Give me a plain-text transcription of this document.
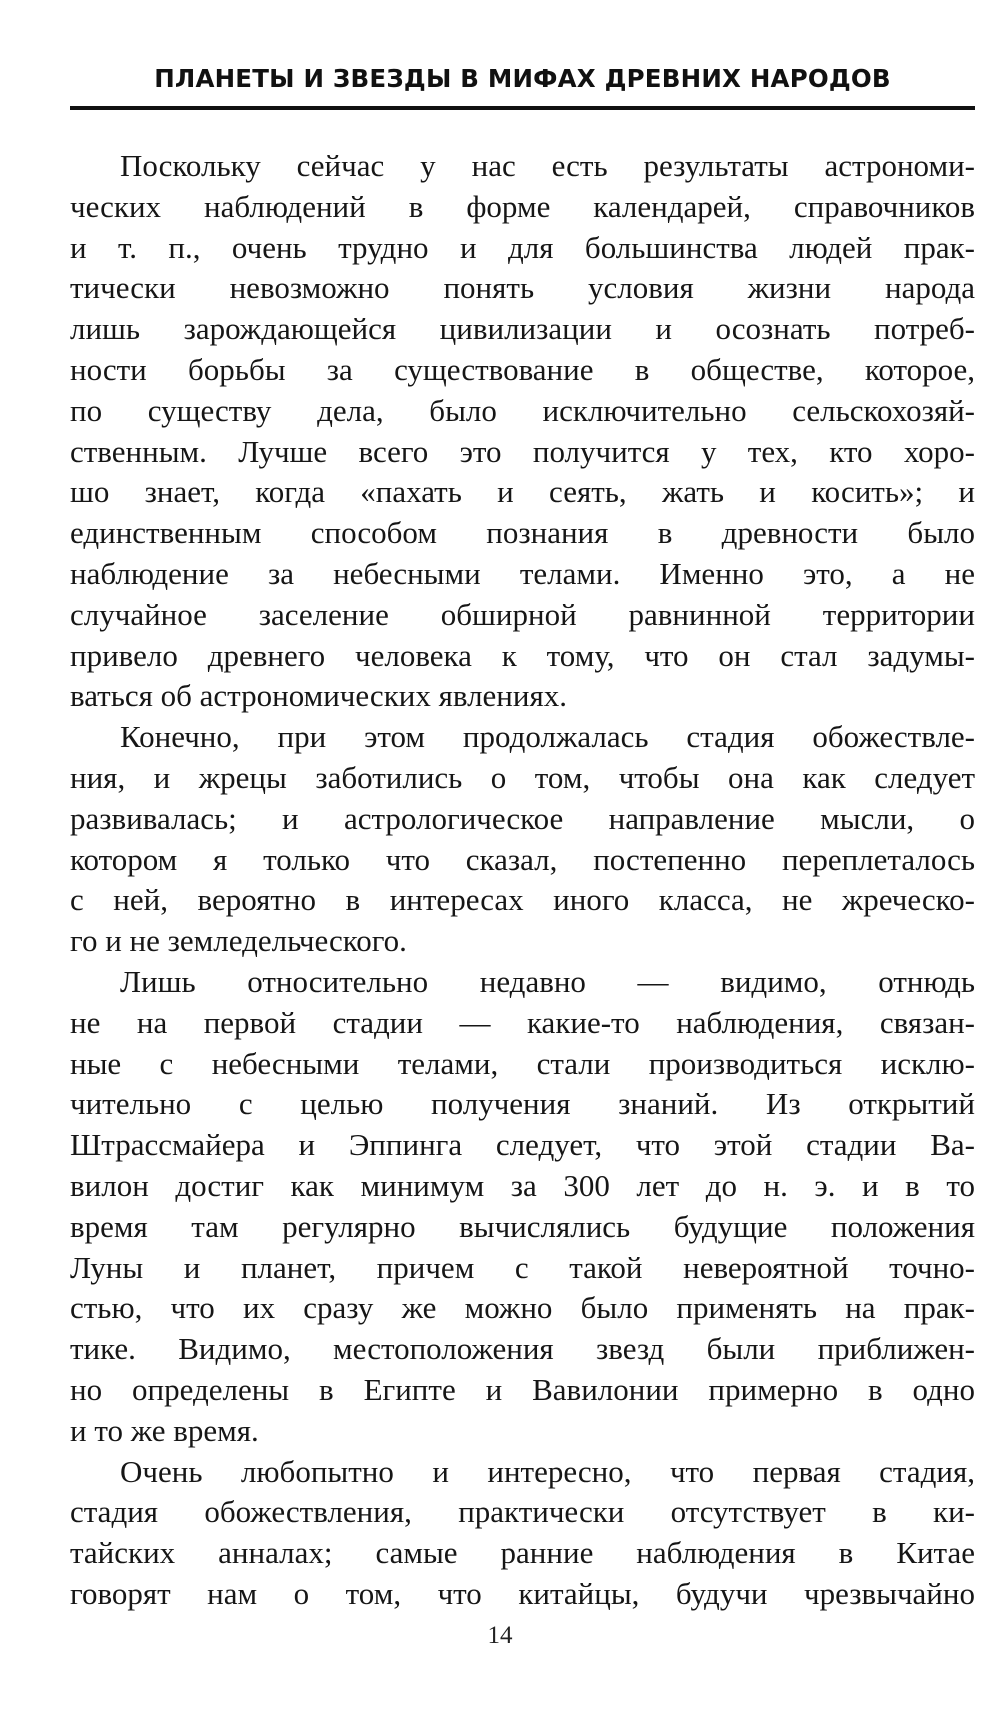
ПЛАНЕТЫ И ЗВЕЗДЫ В МИФАХ ДРЕВНИХ НАРОДОВ

Поскольку сейчас у нас есть результаты астрономи-
ческих наблюдений в форме календарей, справочников
и т. п., очень трудно и для большинства людей прак-
тически невозможно понять условия жизни народа
лишь зарождающейся цивилизации и осознать потреб-
ности борьбы за существование в обществе, которое,
по существу дела, было исключительно сельскохозяй-
ственным. Лучше всего это получится у тех, кто хоро-
шо знает, когда «пахать и сеять, жать и косить»; и
единственным способом познания в древности было
наблюдение за небесными телами. Именно это, а не
случайное заселение обширной равнинной территории
привело древнего человека к тому, что он стал задумы-
ваться об астрономических явлениях.

Конечно, при этом продолжалась стадия обожествле-
ния, и жрецы заботились о том, чтобы она как следует
развивалась; и астрологическое направление мысли, о
котором я только что сказал, постепенно переплеталось
с ней, вероятно в интересах иного класса, не жреческо-
го и не земледельческого.

Лишь относительно недавно — видимо, отнюдь
не на первой стадии — какие-то наблюдения, связан-
ные с небесными телами, стали производиться исклю-
чительно с целью получения знаний. Из открытий
Штрассмайера и Эппинга следует, что этой стадии Ва-
вилон достиг как минимум за 300 лет до н. э. и в то
время там регулярно вычислялись будущие положения
Луны и планет, причем с такой невероятной точно-
стью, что их сразу же можно было применять на прак-
тике. Видимо, местоположения звезд были приближен-
но определены в Египте и Вавилонии примерно в одно
и то же время.

Очень любопытно и интересно, что первая стадия,
стадия обожествления, практически отсутствует в ки-
тайских анналах; самые ранние наблюдения в Китае
говорят нам о том, что китайцы, будучи чрезвычайно

14
